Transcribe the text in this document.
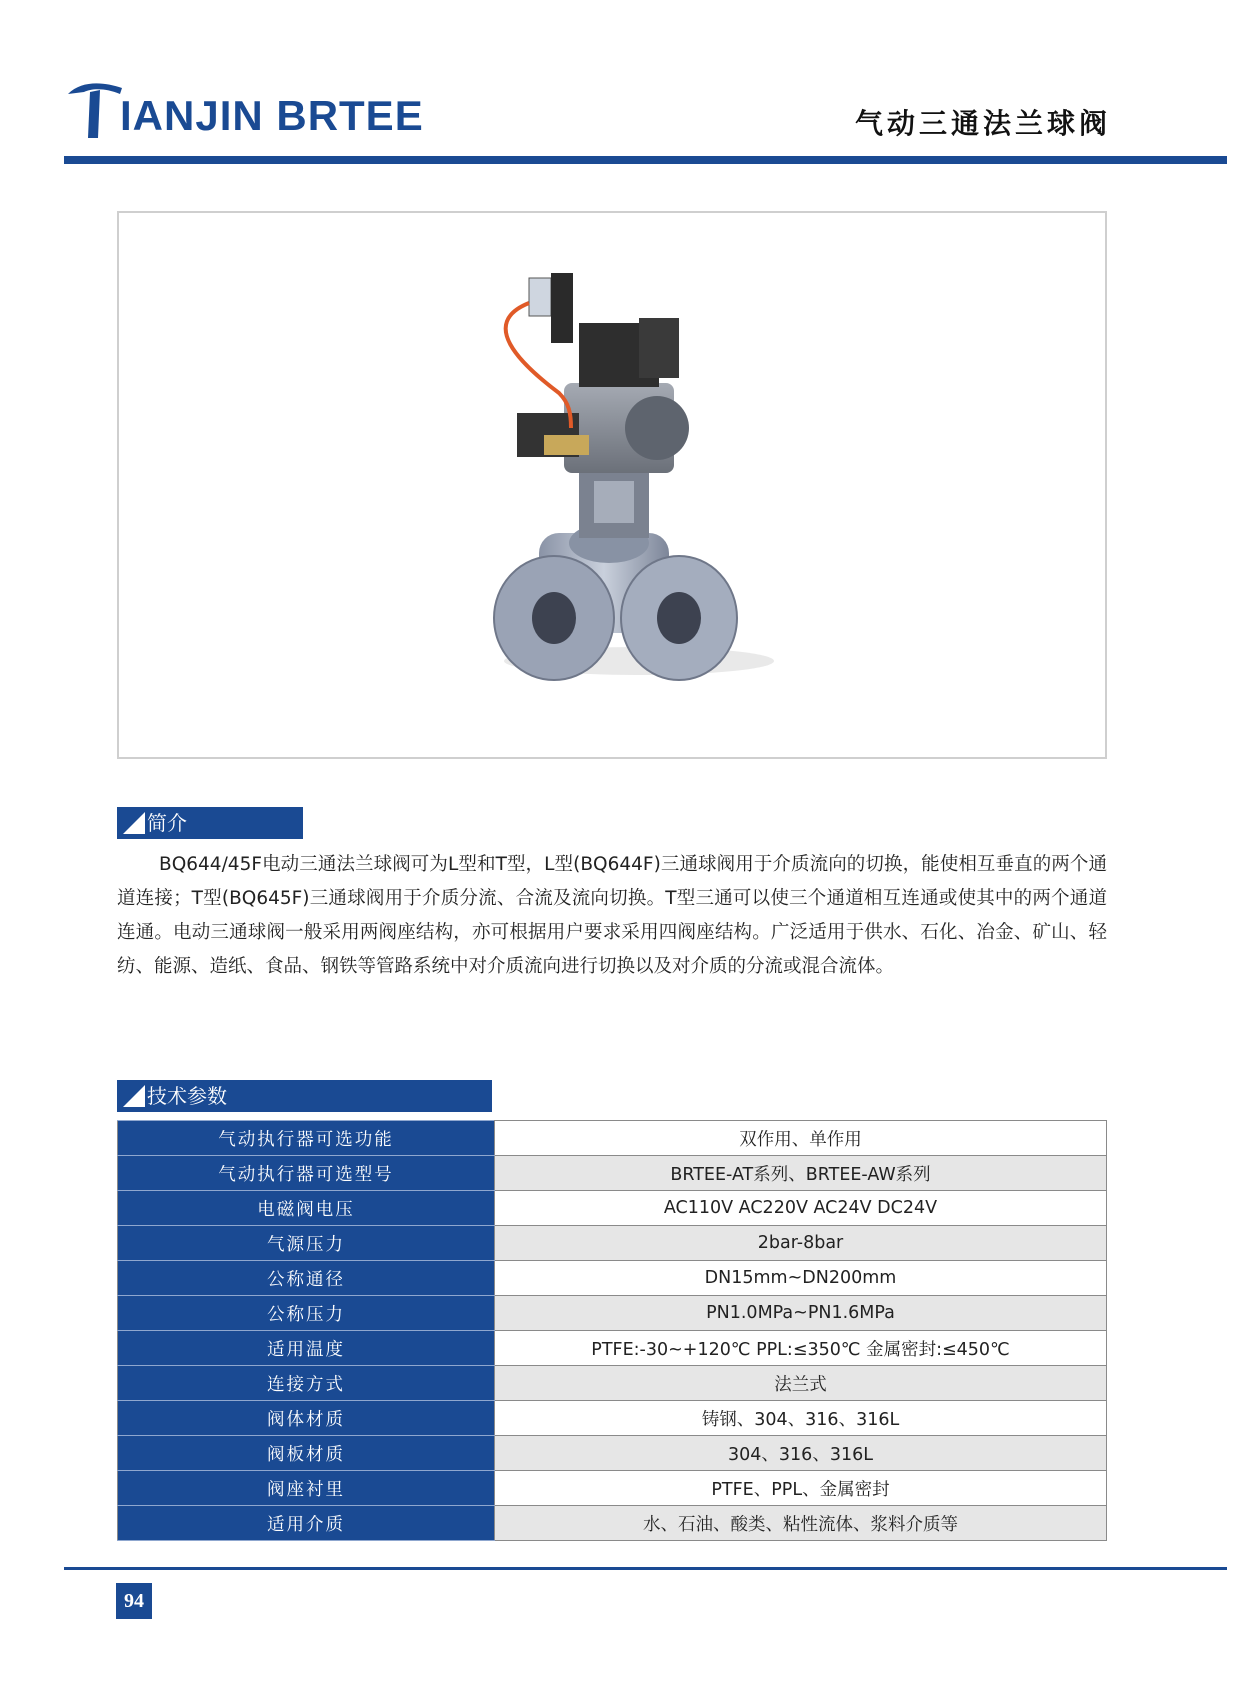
IANJIN BRTEE	气动三通法兰球阀
简介
BQ644/45F电动三通法兰球阀可为L型和T型，L型(BQ644F)三通球阀用于介质流向的切换，能使相互垂直的两个通道连接；T型(BQ645F)三通球阀用于介质分流、合流及流向切换。T型三通可以使三个通道相互连通或使其中的两个通道连通。电动三通球阀一般采用两阀座结构，亦可根据用户要求采用四阀座结构。广泛适用于供水、石化、冶金、矿山、轻纺、能源、造纸、食品、钢铁等管路系统中对介质流向进行切换以及对介质的分流或混合流体。
技术参数
气动执行器可选功能	双作用、单作用
气动执行器可选型号	BRTEE-AT系列、BRTEE-AW系列
电磁阀电压	AC110V AC220V AC24V DC24V
气源压力	2bar-8bar
公称通径	DN15mm~DN200mm
公称压力	PN1.0MPa~PN1.6MPa
适用温度	PTFE:-30~+120℃ PPL:≤350℃ 金属密封:≤450℃
连接方式	法兰式
阀体材质	铸钢、304、316、316L
阀板材质	304、316、316L
阀座衬里	PTFE、PPL、金属密封
适用介质	水、石油、酸类、粘性流体、浆料介质等
94
